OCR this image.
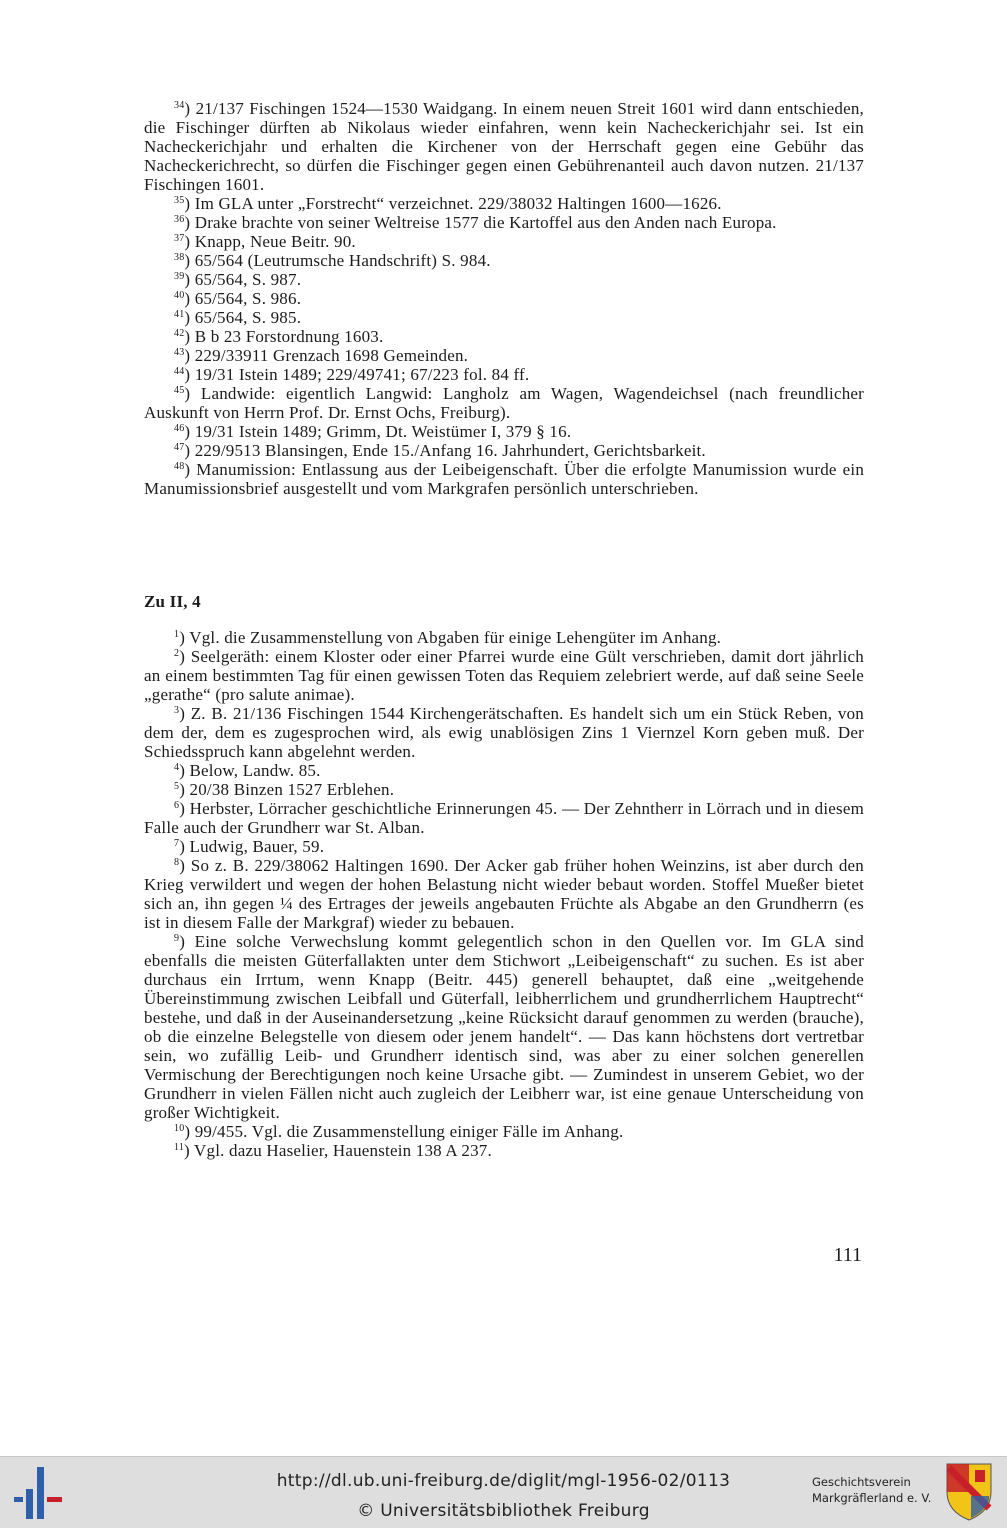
$^{34}$) 21/137 Fischingen 1524—1530 Waidgang. In einem neuen Streit 1601 wird dann entschieden, die Fischinger dürften ab Nikolaus wieder einfahren, wenn kein Nacheckerichjahr sei. Ist ein Nacheckerichjahr und erhalten die Kirchener von der Herrschaft gegen eine Gebühr das Nacheckerichrecht, so dürfen die Fischinger gegen einen Gebührenanteil auch davon nutzen. 21/137 Fischingen 1601.

$^{35}$) Im GLA unter „Forstrecht“ verzeichnet. 229/38032 Haltingen 1600—1626.

$^{36}$) Drake brachte von seiner Weltreise 1577 die Kartoffel aus den Anden nach Europa.

$^{37}$) Knapp, Neue Beitr. 90.

$^{38}$) 65/564 (Leutrumsche Handschrift) S. 984.

$^{39}$) 65/564, S. 987.

$^{40}$) 65/564, S. 986.

$^{41}$) 65/564, S. 985.

$^{42}$) B b 23 Forstordnung 1603.

$^{43}$) 229/33911 Grenzach 1698 Gemeinden.

$^{44}$) 19/31 Istein 1489; 229/49741; 67/223 fol. 84 ff.

$^{45}$) Landwide: eigentlich Langwid: Langholz am Wagen, Wagendeichsel (nach freundlicher Auskunft von Herrn Prof. Dr. Ernst Ochs, Freiburg).

$^{46}$) 19/31 Istein 1489; Grimm, Dt. Weistümer I, 379 § 16.

$^{47}$) 229/9513 Blansingen, Ende 15./Anfang 16. Jahrhundert, Gerichtsbarkeit.

$^{48}$) Manumission: Entlassung aus der Leibeigenschaft. Über die erfolgte Manumission wurde ein Manumissionsbrief ausgestellt und vom Markgrafen persönlich unterschrieben.

Zu II, 4

$^1$) Vgl. die Zusammenstellung von Abgaben für einige Lehengüter im Anhang.

$^2$) Seelgeräth: einem Kloster oder einer Pfarrei wurde eine Gült verschrieben, damit dort jährlich an einem bestimmten Tag für einen gewissen Toten das Requiem zelebriert werde, auf daß seine Seele „gerathe“ (pro salute animae).

$^3$) Z. B. 21/136 Fischingen 1544 Kirchengerätschaften. Es handelt sich um ein Stück Reben, von dem der, dem es zugesprochen wird, als ewig unablösigen Zins 1 Viernzel Korn geben muß. Der Schiedsspruch kann abgelehnt werden.

$^4$) Below, Landw. 85.

$^5$) 20/38 Binzen 1527 Erblehen.

$^6$) Herbster, Lörracher geschichtliche Erinnerungen 45. — Der Zehntherr in Lörrach und in diesem Falle auch der Grundherr war St. Alban.

$^7$) Ludwig, Bauer, 59.

$^8$) So z. B. 229/38062 Haltingen 1690. Der Acker gab früher hohen Weinzins, ist aber durch den Krieg verwildert und wegen der hohen Belastung nicht wieder bebaut worden. Stoffel Mueßer bietet sich an, ihn gegen ¼ des Ertrages der jeweils angebauten Früchte als Abgabe an den Grundherrn (es ist in diesem Falle der Markgraf) wieder zu bebauen.

$^9$) Eine solche Verwechslung kommt gelegentlich schon in den Quellen vor. Im GLA sind ebenfalls die meisten Güterfallakten unter dem Stichwort „Leibeigenschaft“ zu suchen. Es ist aber durchaus ein Irrtum, wenn Knapp (Beitr. 445) generell behauptet, daß eine „weitgehende Übereinstimmung zwischen Leibfall und Güterfall, leibherrlichem und grundherrlichem Hauptrecht“ bestehe, und daß in der Auseinandersetzung „keine Rücksicht darauf genommen zu werden (brauche), ob die einzelne Belegstelle von diesem oder jenem handelt“. — Das kann höchstens dort vertretbar sein, wo zufällig Leib- und Grundherr identisch sind, was aber zu einer solchen generellen Vermischung der Berechtigungen noch keine Ursache gibt. — Zumindest in unserem Gebiet, wo der Grundherr in vielen Fällen nicht auch zugleich der Leibherr war, ist eine genaue Unterscheidung von großer Wichtigkeit.

$^{10}$) 99/455. Vgl. die Zusammenstellung einiger Fälle im Anhang.

$^{11}$) Vgl. dazu Haselier, Hauenstein 138 A 237.

111
http://dl.ub.uni-freiburg.de/diglit/mgl-1956-02/0113
© Universitätsbibliothek Freiburg
Geschichtsverein
Markgräflerland e. V.
